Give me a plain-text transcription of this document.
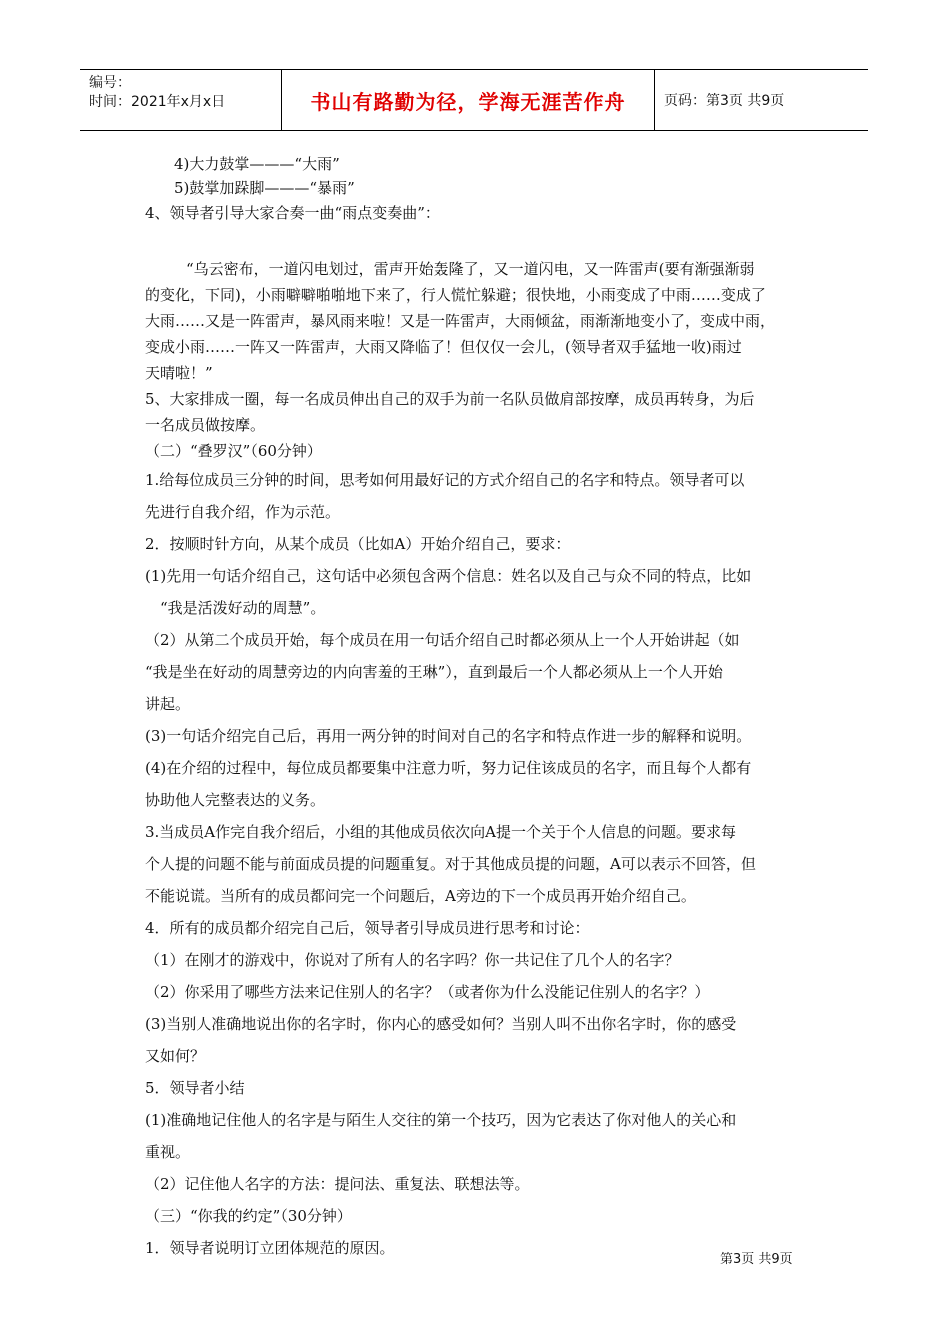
编号：
时间：2021年x月x日	书山有路勤为径，学海无涯苦作舟	页码：第3页 共9页
4)大力鼓掌———“大雨”
5)鼓掌加跺脚———“暴雨”
4、领导者引导大家合奏一曲“雨点变奏曲”：
“乌云密布，一道闪电划过，雷声开始轰隆了，又一道闪电，又一阵雷声(要有渐强渐弱
的变化，下同)，小雨噼噼啪啪地下来了，行人慌忙躲避；很快地，小雨变成了中雨……变成了
大雨……又是一阵雷声，暴风雨来啦！又是一阵雷声，大雨倾盆，雨渐渐地变小了，变成中雨，
变成小雨……一阵又一阵雷声，大雨又降临了！但仅仅一会儿，(领导者双手猛地一收)雨过
天晴啦！”
5、大家排成一圈，每一名成员伸出自己的双手为前一名队员做肩部按摩，成员再转身，为后
一名成员做按摩。
（二）“叠罗汉”（60分钟）
1.给每位成员三分钟的时间，思考如何用最好记的方式介绍自己的名字和特点。领导者可以
先进行自我介绍，作为示范。
2．按顺时针方向，从某个成员（比如A）开始介绍自己，要求：
(1)先用一句话介绍自己，这句话中必须包含两个信息：姓名以及自己与众不同的特点，比如
“我是活泼好动的周慧”。
（2）从第二个成员开始，每个成员在用一句话介绍自己时都必须从上一个人开始讲起（如
“我是坐在好动的周慧旁边的内向害羞的王琳”），直到最后一个人都必须从上一个人开始
讲起。
(3)一句话介绍完自己后，再用一两分钟的时间对自己的名字和特点作进一步的解释和说明。
(4)在介绍的过程中，每位成员都要集中注意力听，努力记住该成员的名字，而且每个人都有
协助他人完整表达的义务。
3.当成员A作完自我介绍后，小组的其他成员依次向A提一个关于个人信息的问题。要求每
个人提的问题不能与前面成员提的问题重复。对于其他成员提的问题，A可以表示不回答，但
不能说谎。当所有的成员都问完一个问题后，A旁边的下一个成员再开始介绍自己。
4．所有的成员都介绍完自己后，领导者引导成员进行思考和讨论：
（1）在刚才的游戏中，你说对了所有人的名字吗？你一共记住了几个人的名字？
（2）你采用了哪些方法来记住别人的名字？（或者你为什么没能记住别人的名字？）
(3)当别人准确地说出你的名字时，你内心的感受如何？当别人叫不出你名字时，你的感受
又如何？
5．领导者小结
(1)准确地记住他人的名字是与陌生人交往的第一个技巧，因为它表达了你对他人的关心和
重视。
（2）记住他人名字的方法：提问法、重复法、联想法等。
（三）“你我的约定”（30分钟）
1．领导者说明订立团体规范的原因。
第3页 共9页
